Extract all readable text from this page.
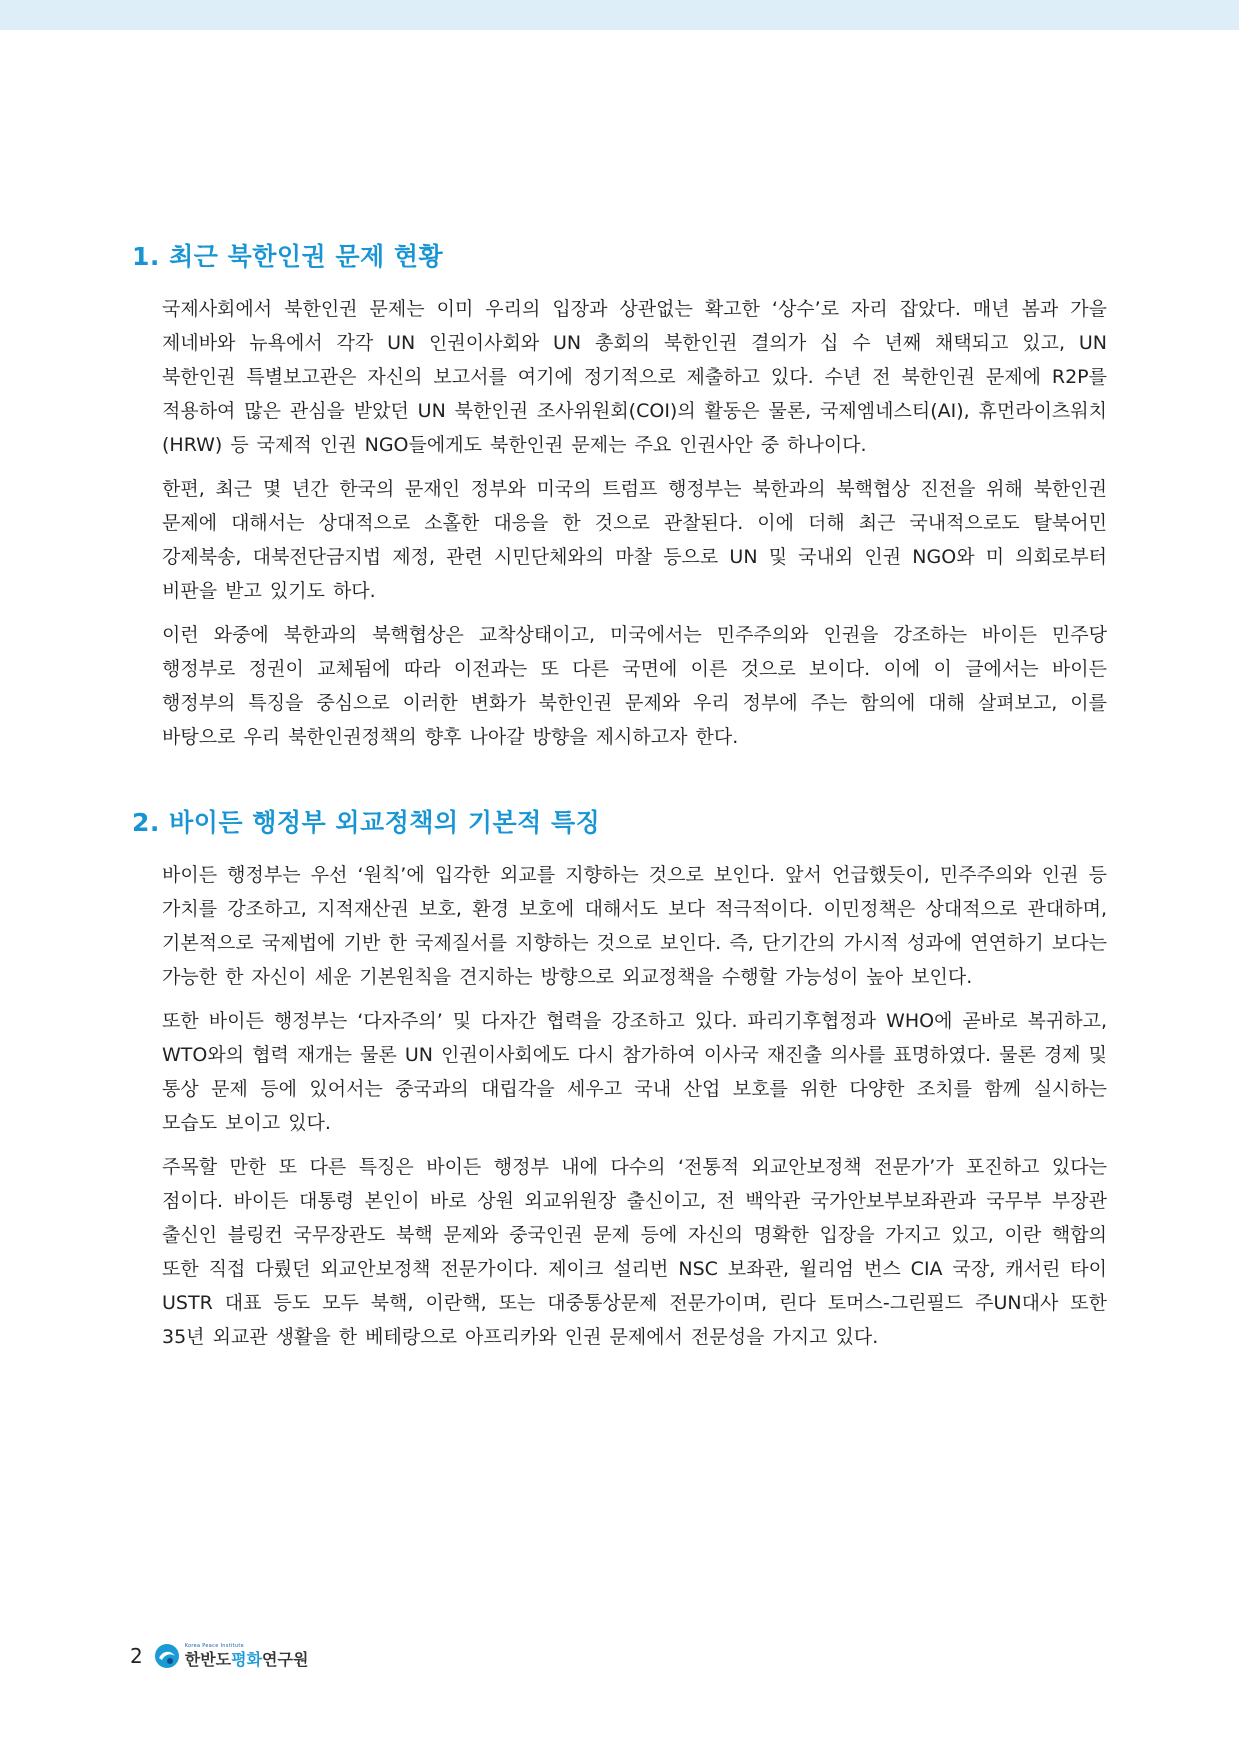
1. 최근 북한인권 문제 현황

국제사회에서 북한인권 문제는 이미 우리의 입장과 상관없는 확고한 ‘상수’로 자리 잡았다. 매년 봄과 가을 제네바와 뉴욕에서 각각 UN 인권이사회와 UN 총회의 북한인권 결의가 십 수 년째 채택되고 있고, UN 북한인권 특별보고관은 자신의 보고서를 여기에 정기적으로 제출하고 있다. 수년 전 북한인권 문제에 R2P를 적용하여 많은 관심을 받았던 UN 북한인권 조사위원회(COI)의 활동은 물론, 국제엠네스티(AI), 휴먼라이츠워치(HRW) 등 국제적 인권 NGO들에게도 북한인권 문제는 주요 인권사안 중 하나이다.

한편, 최근 몇 년간 한국의 문재인 정부와 미국의 트럼프 행정부는 북한과의 북핵협상 진전을 위해 북한인권 문제에 대해서는 상대적으로 소홀한 대응을 한 것으로 관찰된다. 이에 더해 최근 국내적으로도 탈북어민 강제북송, 대북전단금지법 제정, 관련 시민단체와의 마찰 등으로 UN 및 국내외 인권 NGO와 미 의회로부터 비판을 받고 있기도 하다.

이런 와중에 북한과의 북핵협상은 교착상태이고, 미국에서는 민주주의와 인권을 강조하는 바이든 민주당 행정부로 정권이 교체됨에 따라 이전과는 또 다른 국면에 이른 것으로 보이다. 이에 이 글에서는 바이든 행정부의 특징을 중심으로 이러한 변화가 북한인권 문제와 우리 정부에 주는 함의에 대해 살펴보고, 이를 바탕으로 우리 북한인권정책의 향후 나아갈 방향을 제시하고자 한다.

2. 바이든 행정부 외교정책의 기본적 특징

바이든 행정부는 우선 ‘원칙’에 입각한 외교를 지향하는 것으로 보인다. 앞서 언급했듯이, 민주주의와 인권 등 가치를 강조하고, 지적재산권 보호, 환경 보호에 대해서도 보다 적극적이다. 이민정책은 상대적으로 관대하며, 기본적으로 국제법에 기반 한 국제질서를 지향하는 것으로 보인다. 즉, 단기간의 가시적 성과에 연연하기 보다는 가능한 한 자신이 세운 기본원칙을 견지하는 방향으로 외교정책을 수행할 가능성이 높아 보인다.

또한 바이든 행정부는 ‘다자주의’ 및 다자간 협력을 강조하고 있다. 파리기후협정과 WHO에 곧바로 복귀하고, WTO와의 협력 재개는 물론 UN 인권이사회에도 다시 참가하여 이사국 재진출 의사를 표명하였다. 물론 경제 및 통상 문제 등에 있어서는 중국과의 대립각을 세우고 국내 산업 보호를 위한 다양한 조치를 함께 실시하는 모습도 보이고 있다.

주목할 만한 또 다른 특징은 바이든 행정부 내에 다수의 ‘전통적 외교안보정책 전문가’가 포진하고 있다는 점이다. 바이든 대통령 본인이 바로 상원 외교위원장 출신이고, 전 백악관 국가안보부보좌관과 국무부 부장관 출신인 블링컨 국무장관도 북핵 문제와 중국인권 문제 등에 자신의 명확한 입장을 가지고 있고, 이란 핵합의 또한 직접 다뤘던 외교안보정책 전문가이다. 제이크 설리번 NSC 보좌관, 윌리엄 번스 CIA 국장, 캐서린 타이 USTR 대표 등도 모두 북핵, 이란핵, 또는 대중통상문제 전문가이며, 린다 토머스-그린필드 주UN대사 또한 35년 외교관 생활을 한 베테랑으로 아프리카와 인권 문제에서 전문성을 가지고 있다.

2	Korea Peace Institute
한반도평화연구원
